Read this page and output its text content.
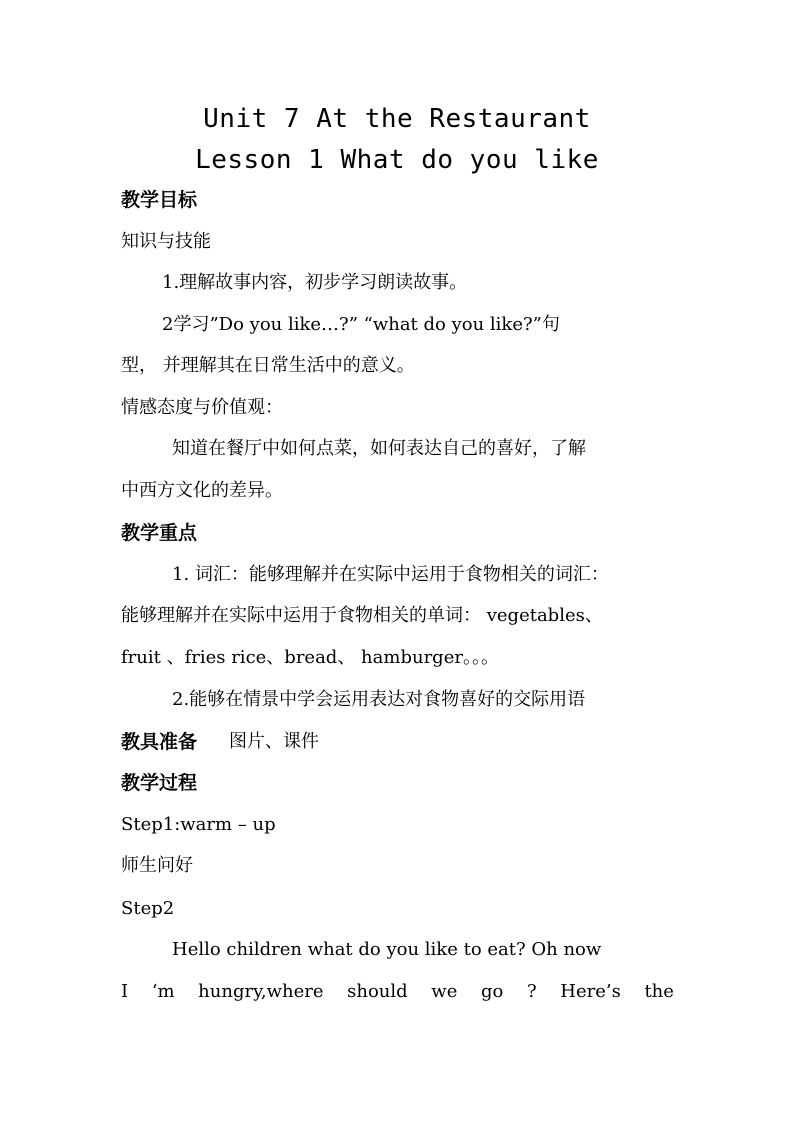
Unit 7 At the Restaurant
Lesson 1 What do you like
教学目标
知识与技能
1.理解故事内容，初步学习朗读故事。
2学习”Do you like…?” “what do you like?”句
型， 并理解其在日常生活中的意义。
情感态度与价值观：
知道在餐厅中如何点菜，如何表达自己的喜好，了解
中西方文化的差异。
教学重点
1. 词汇：能够理解并在实际中运用于食物相关的词汇：
能够理解并在实际中运用于食物相关的单词： vegetables、
fruit 、fries rice、bread、 hamburger。。。
2.能够在情景中学会运用表达对食物喜好的交际用语
教具准备 图片、课件
教学过程
Step1:warm – up
师生问好
Step2
Hello children what do you like to eat? Oh now
I ‘m hungry,where should we go ? Here’s the
